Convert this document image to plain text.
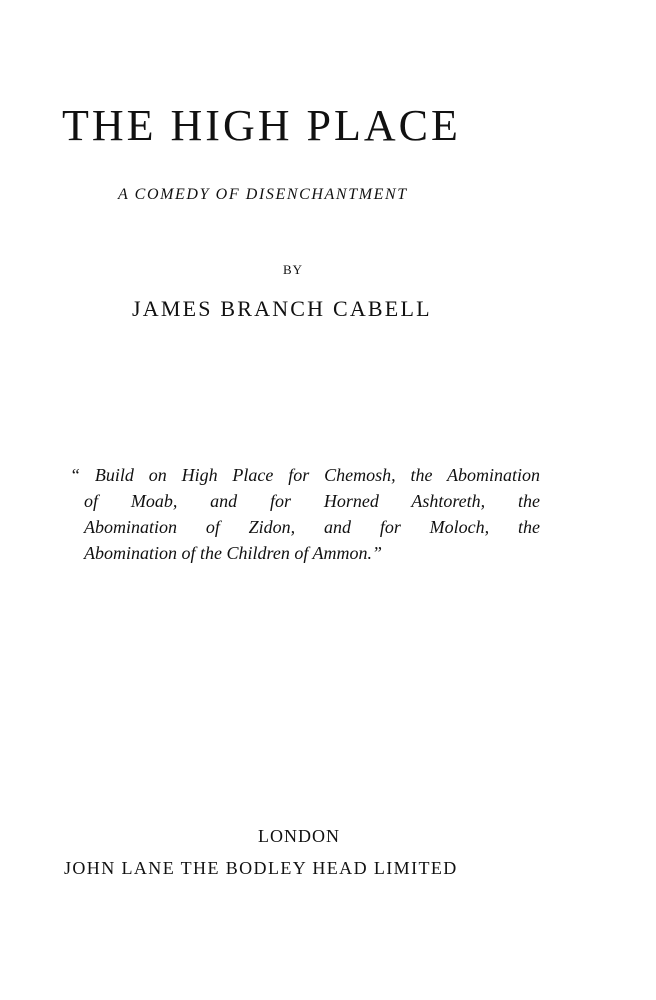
THE HIGH PLACE
A COMEDY OF DISENCHANTMENT
BY
JAMES BRANCH CABELL
“ Build on High Place for Chemosh, the Abomination
of Moab, and for Horned Ashtoreth, the
Abomination of Zidon, and for Moloch, the
Abomination of the Children of Ammon.”
LONDON
JOHN LANE THE BODLEY HEAD LIMITED
